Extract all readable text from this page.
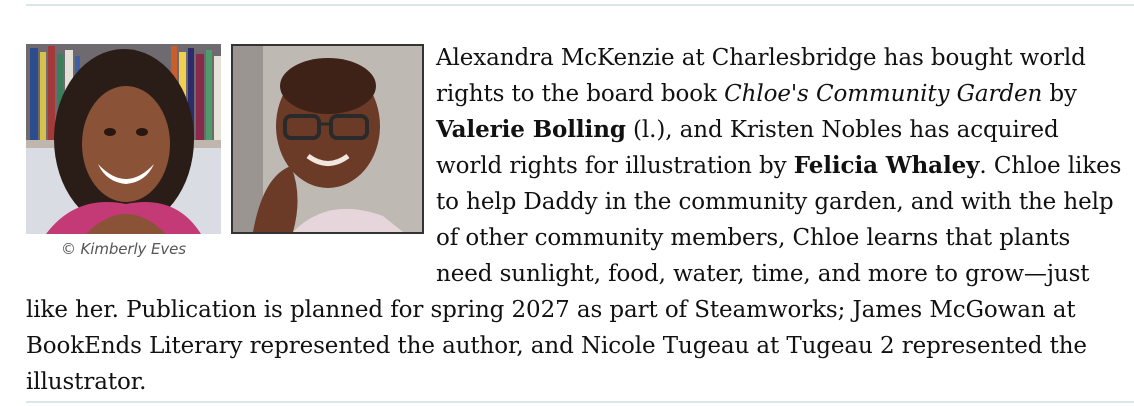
© Kimberly Eves
Alexandra McKenzie at Charlesbridge has bought world rights to the board book Chloe's Community Garden by Valerie Bolling (l.), and Kristen Nobles has acquired world rights for illustration by Felicia Whaley. Chloe likes to help Daddy in the community garden, and with the help of other community members, Chloe learns that plants need sunlight, food, water, time, and more to grow—just like her. Publication is planned for spring 2027 as part of Steamworks; James McGowan at BookEnds Literary represented the author, and Nicole Tugeau at Tugeau 2 represented the illustrator.
